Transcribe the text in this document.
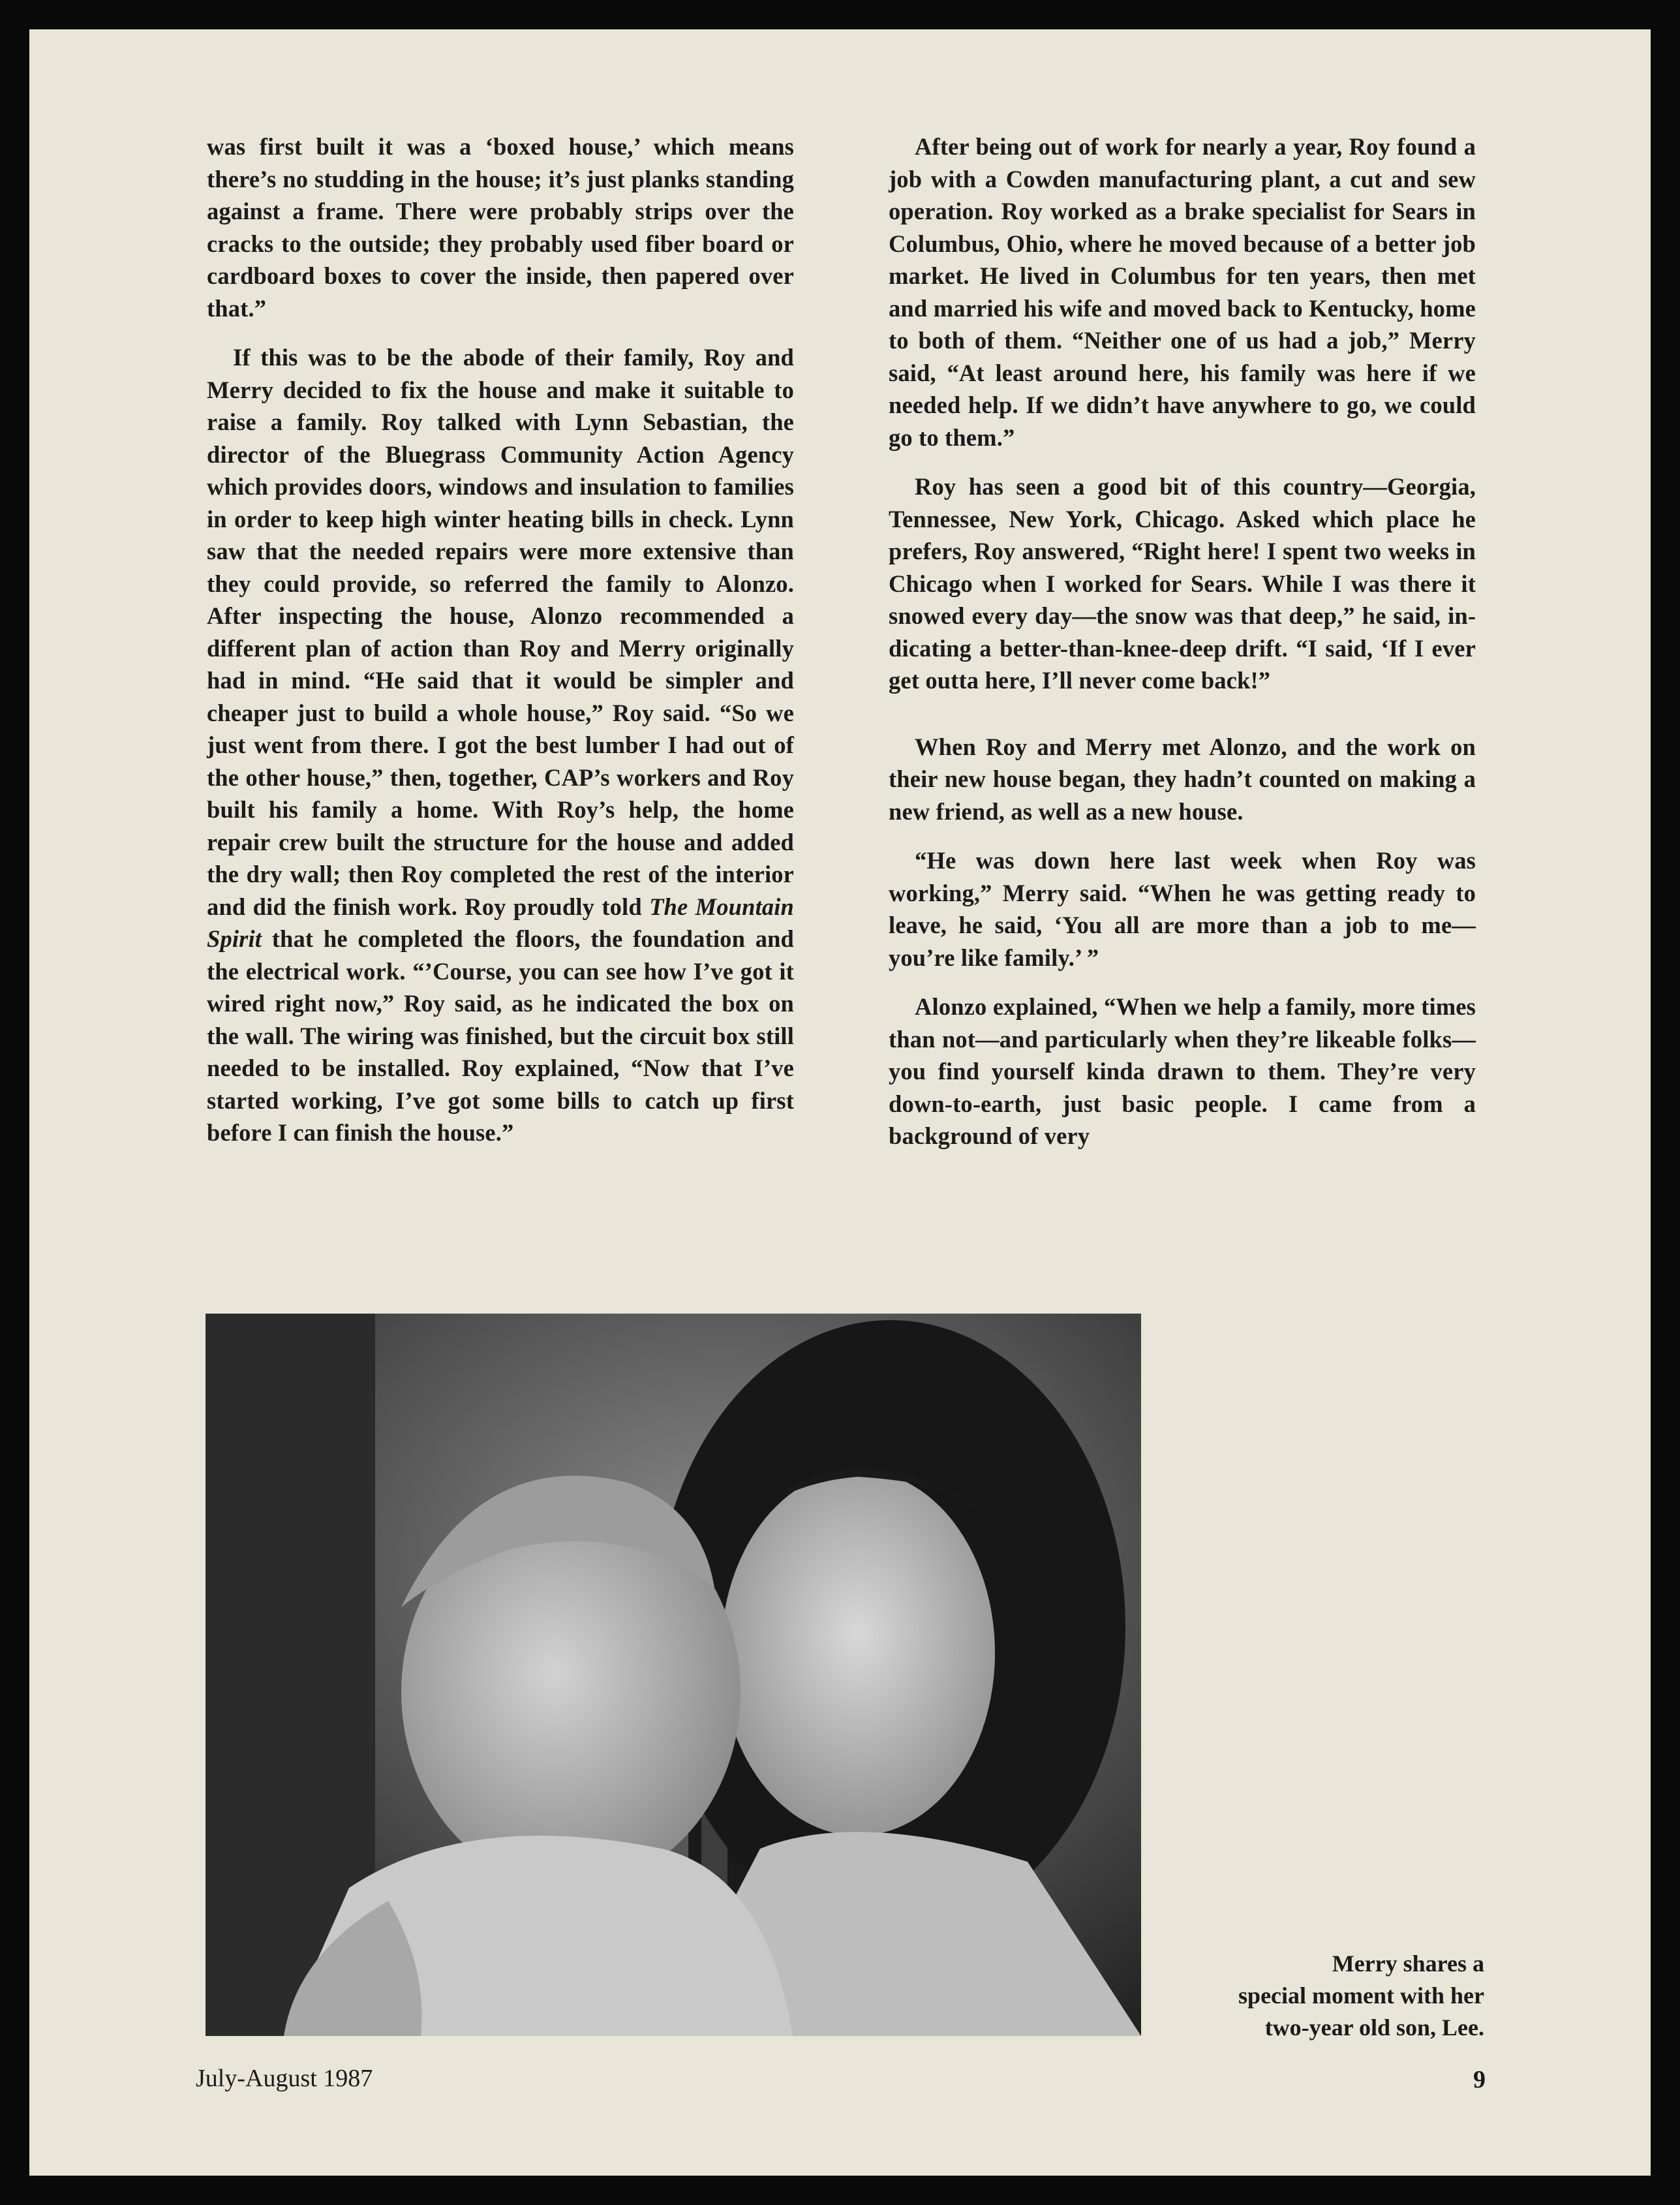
was first built it was a ‘boxed house,’ which means there’s no studding in the house; it’s just planks standing against a frame. There were probably strips over the cracks to the outside; they probably used fiber board or cardboard boxes to cover the inside, then papered over that.”

If this was to be the abode of their family, Roy and Merry decided to fix the house and make it suitable to raise a family. Roy talked with Lynn Sebastian, the director of the Bluegrass Community Action Agency which provides doors, windows and insulation to families in order to keep high winter heating bills in check. Lynn saw that the needed repairs were more extensive than they could provide, so referred the family to Alonzo. After inspecting the house, Alonzo recommended a different plan of action than Roy and Merry originally had in mind. “He said that it would be simpler and cheaper just to build a whole house,” Roy said. “So we just went from there. I got the best lumber I had out of the other house,” then, together, CAP’s workers and Roy built his family a home. With Roy’s help, the home repair crew built the structure for the house and added the dry wall; then Roy completed the rest of the interior and did the finish work. Roy proudly told The Mountain Spirit that he completed the floors, the foundation and the electrical work. “’Course, you can see how I’ve got it wired right now,” Roy said, as he indicated the box on the wall. The wiring was finished, but the circuit box still needed to be installed. Roy explained, “Now that I’ve started working, I’ve got some bills to catch up first before I can finish the house.”

After being out of work for nearly a year, Roy found a job with a Cowden manufacturing plant, a cut and sew operation. Roy worked as a brake specialist for Sears in Columbus, Ohio, where he moved because of a better job market. He lived in Columbus for ten years, then met and married his wife and moved back to Kentucky, home to both of them. “Neither one of us had a job,” Merry said, “At least around here, his family was here if we needed help. If we didn’t have anywhere to go, we could go to them.”

Roy has seen a good bit of this country—Georgia, Tennessee, New York, Chicago. Asked which place he prefers, Roy answered, “Right here! I spent two weeks in Chicago when I worked for Sears. While I was there it snowed every day—the snow was that deep,” he said, indicating a better-than-knee-deep drift. “I said, ‘If I ever get outta here, I’ll never come back!”

When Roy and Merry met Alonzo, and the work on their new house began, they hadn’t counted on making a new friend, as well as a new house.

“He was down here last week when Roy was working,” Merry said. “When he was getting ready to leave, he said, ‘You all are more than a job to me—you’re like family.’ ”

Alonzo explained, “When we help a family, more times than not—and particularly when they’re likeable folks—you find yourself kinda drawn to them. They’re very down-to-earth, just basic people. I came from a background of very

Merry shares a
special moment with her
two-year old son, Lee.
July-August 1987	9
